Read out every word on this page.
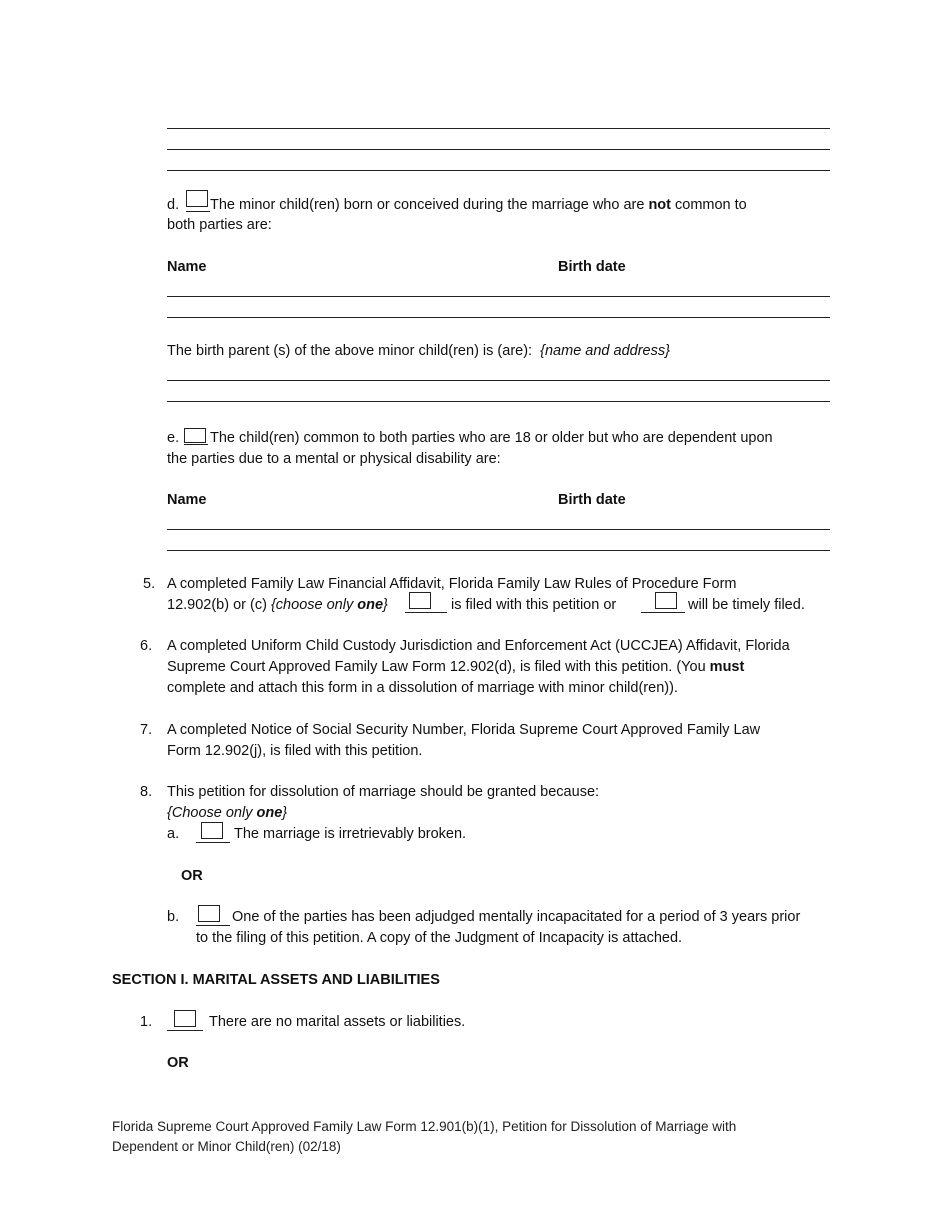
d. The minor child(ren) born or conceived during the marriage who are not common to
both parties are:
Name	Birth date
The birth parent (s) of the above minor child(ren) is (are): {name and address}
e. The child(ren) common to both parties who are 18 or older but who are dependent upon
the parties due to a mental or physical disability are:
Name	Birth date
5. A completed Family Law Financial Affidavit, Florida Family Law Rules of Procedure Form
12.902(b) or (c) {choose only one}	is filed with this petition or	will be timely filed.
6. A completed Uniform Child Custody Jurisdiction and Enforcement Act (UCCJEA) Affidavit, Florida
Supreme Court Approved Family Law Form 12.902(d), is filed with this petition. (You must
complete and attach this form in a dissolution of marriage with minor child(ren)).
7. A completed Notice of Social Security Number, Florida Supreme Court Approved Family Law
Form 12.902(j), is filed with this petition.
8. This petition for dissolution of marriage should be granted because:
{Choose only one}
a.	The marriage is irretrievably broken.
OR
b.	One of the parties has been adjudged mentally incapacitated for a period of 3 years prior
to the filing of this petition. A copy of the Judgment of Incapacity is attached.
SECTION I. MARITAL ASSETS AND LIABILITIES
1.	There are no marital assets or liabilities.
OR
Florida Supreme Court Approved Family Law Form 12.901(b)(1), Petition for Dissolution of Marriage with
Dependent or Minor Child(ren) (02/18)
